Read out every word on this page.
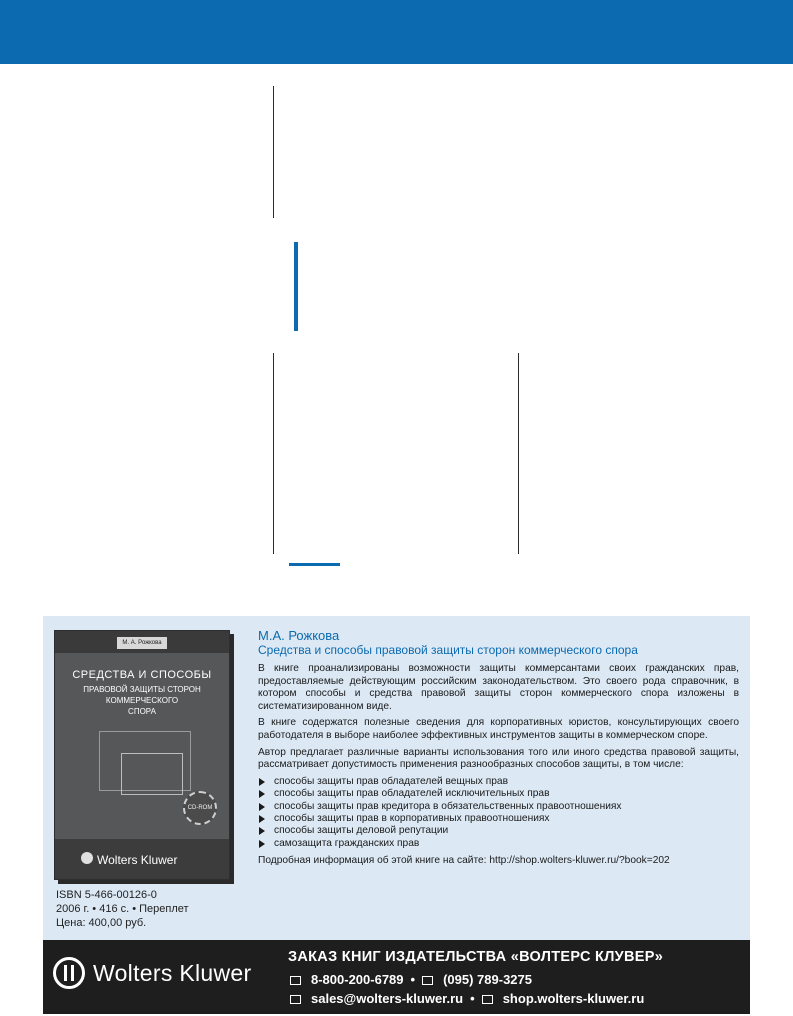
М. А. Рожкова
СРЕДСТВА И СПОСОБЫ
ПРАВОВОЙ ЗАЩИТЫ СТОРОН
КОММЕРЧЕСКОГО
СПОРА
CD-ROM
Wolters Kluwer
ISBN 5-466-00126-0
2006 г. • 416 с. • Переплет
Цена: 400,00 руб.
М.А. Рожкова
Средства и способы правовой защиты сторон коммерческого спора

В книге проанализированы возможности защиты коммерсантами своих гражданских прав, предоставляемые действующим российским законодательством. Это своего рода справочник, в котором способы и средства правовой защиты сторон коммерческого спора изложены в систематизированном виде.

В книге содержатся полезные сведения для корпоративных юристов, консультирующих своего работодателя в выборе наиболее эффективных инструментов защиты в коммерческом споре.

Автор предлагает различные варианты использования того или иного средства правовой защиты, рассматривает допустимость применения разнообразных способов защиты, в том числе:

способы защиты прав обладателей вещных прав
способы защиты прав обладателей исключительных прав
способы защиты прав кредитора в обязательственных правоотношениях
способы защиты прав в корпоративных правоотношениях
способы защиты деловой репутации
самозащита гражданских прав
Подробная информация об этой книге на сайте: http://shop.wolters-kluwer.ru/?book=202
Wolters Kluwer
ЗАКАЗ КНИГ ИЗДАТЕЛЬСТВА «ВОЛТЕРС КЛУВЕР»
8-800-200-6789 • (095) 789-3275
sales@wolters-kluwer.ru • shop.wolters-kluwer.ru
